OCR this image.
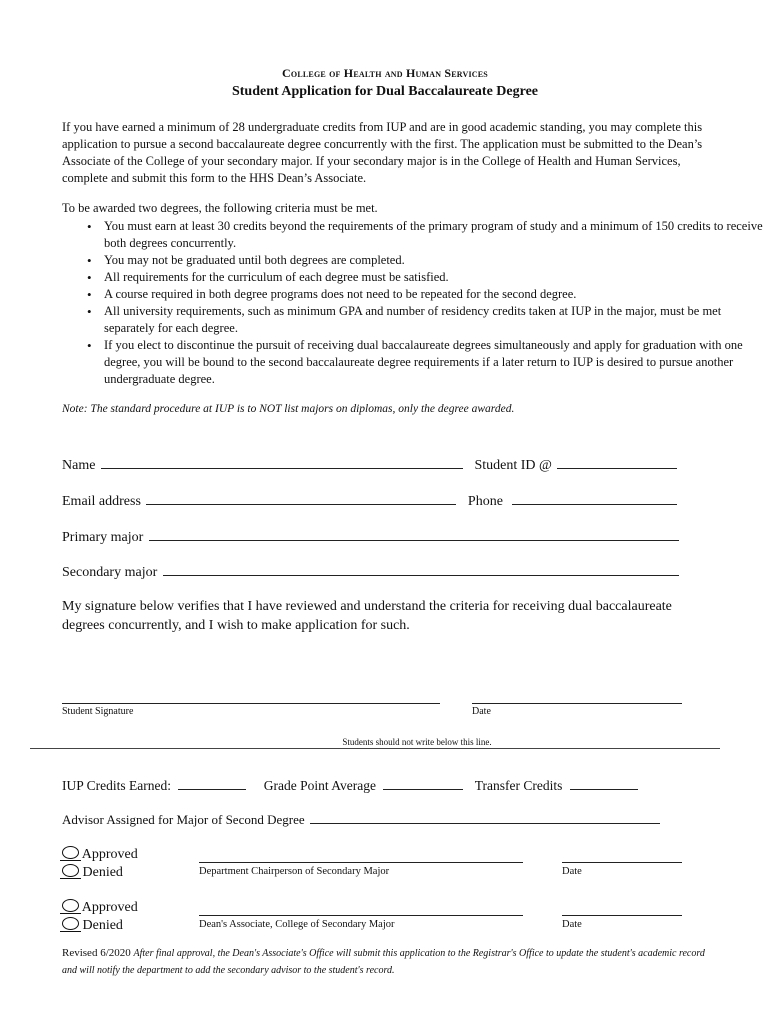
College of Health and Human Services
Student Application for Dual Baccalaureate Degree
If you have earned a minimum of 28 undergraduate credits from IUP and are in good academic standing, you may complete this application to pursue a second baccalaureate degree concurrently with the first. The application must be submitted to the Dean’s Associate of the College of your secondary major. If your secondary major is in the College of Health and Human Services, complete and submit this form to the HHS Dean’s Associate.
To be awarded two degrees, the following criteria must be met.
• You must earn at least 30 credits beyond the requirements of the primary program of study and a minimum of 150 credits to receive both degrees concurrently.
• You may not be graduated until both degrees are completed.
• All requirements for the curriculum of each degree must be satisfied.
• A course required in both degree programs does not need to be repeated for the second degree.
• All university requirements, such as minimum GPA and number of residency credits taken at IUP in the major, must be met separately for each degree.
• If you elect to discontinue the pursuit of receiving dual baccalaureate degrees simultaneously and apply for graduation with one degree, you will be bound to the second baccalaureate degree requirements if a later return to IUP is desired to pursue another undergraduate degree.
Note: The standard procedure at IUP is to NOT list majors on diplomas, only the degree awarded.
Name	Student ID @
Email address	Phone
Primary major
Secondary major
My signature below verifies that I have reviewed and understand the criteria for receiving dual baccalaureate degrees concurrently, and I wish to make application for such.
Student Signature	Date
Students should not write below this line.
IUP Credits Earned:	Grade Point Average	Transfer Credits
Advisor Assigned for Major of Second Degree
Approved
Denied	Department Chairperson of Secondary Major	Date
Approved
Denied	Dean's Associate, College of Secondary Major	Date
Revised 6/2020 After final approval, the Dean's Associate's Office will submit this application to the Registrar's Office to update the student's academic record and will notify the department to add the secondary advisor to the student's record.
